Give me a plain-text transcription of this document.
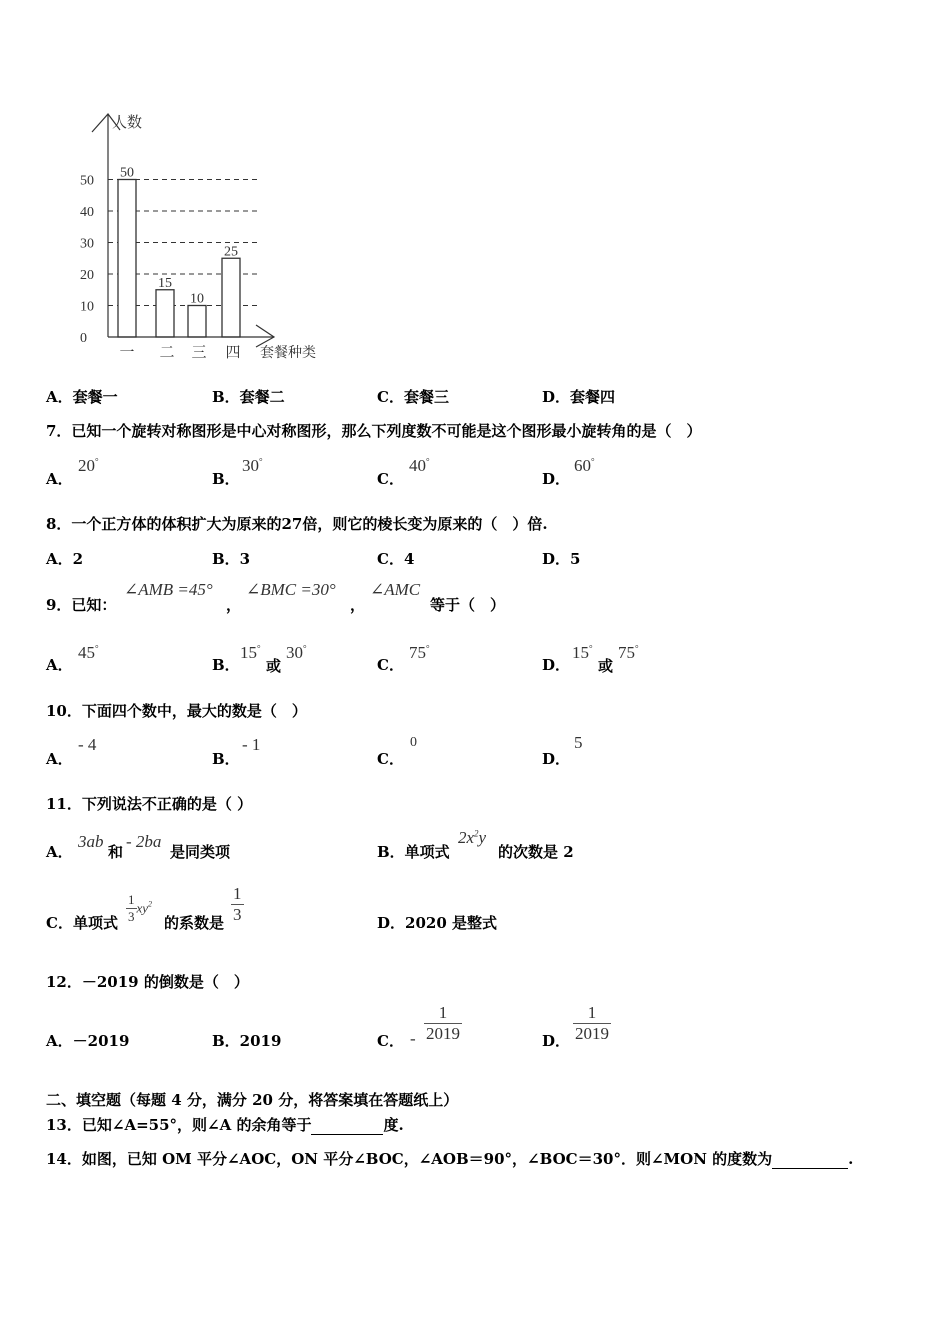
人数
套餐种类
0
10
20
30
40
50
一 二 三 四
50
15
10
25
A．套餐一	B．套餐二	C．套餐三	D．套餐四
7．已知一个旋转对称图形是中心对称图形，那么下列度数不可能是这个图形最小旋转角的是（　）
A．
20°
B．
30°
C．
40°
D．
60°
8．一个正方体的体积扩大为原来的27倍，则它的棱长变为原来的（　）倍.
A．2	B．3	C．4	D．5
9．已知：
∠AMB =45°
，
∠BMC =30°
，
∠AMC
等于（　）
A．
45°
B．
15°
或
30°
C．
75°
D．
15°
或
75°
10．下面四个数中，最大的数是（　）
A．
- 4
B．
- 1
C．
0
D．
5
11．下列说法不正确的是（ ）
A．
3ab
和
- 2ba
是同类项	B．单项式
$2x^2y$
的次数是 2
C．单项式 $\frac{1}{3} xy^2$
的系数是 $\frac{1}{3}$	D．2020 是整式
12．－2019 的倒数是（　）
A．－2019	B．2019	C． - $\frac{1}{2019}$	D． $\frac{1}{2019}$
二、填空题（每题 4 分，满分 20 分，将答案填在答题纸上）
13．已知∠A=55°，则∠A 的余角等于	度.
14．如图，已知 OM 平分∠AOC，ON 平分∠BOC，∠AOB＝90°，∠BOC＝30°．则∠MON 的度数为	.
